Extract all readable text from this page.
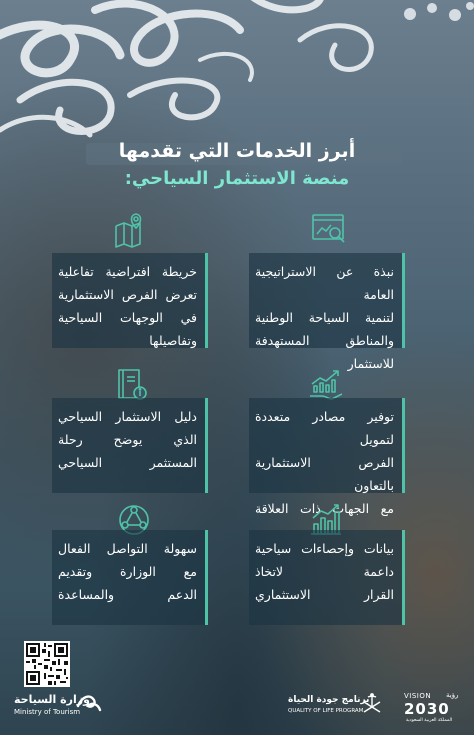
أبرز الخدمات التي تقدمها
منصة الاستثمار السياحي:
نبذة عن الاستراتيجية العامة
لتنمية السياحة الوطنية
والمناطق المستهدفة
للاستثمار
خريطة افتراضية تفاعلية
تعرض الفرص الاستثمارية
في الوجهات السياحية
وتفاصيلها
توفير مصادر متعددة لتمويل
الفرص الاستثمارية بالتعاون
مع الجهات ذات العلاقة
دليل الاستثمار السياحي
الذي يوضح رحلة
المستثمر السياحي
بيانات وإحصاءات سياحية
داعمة لاتخاذ
القرار الاستثماري
سهولة التواصل الفعال
مع الوزارة وتقديم
الدعم والمساعدة
وزارة السياحة
Ministry of Tourism
برنامج جودة الحياة
QUALITY OF LIFE PROGRAM
VISION رؤية
2030
المملكة العربية السعودية
